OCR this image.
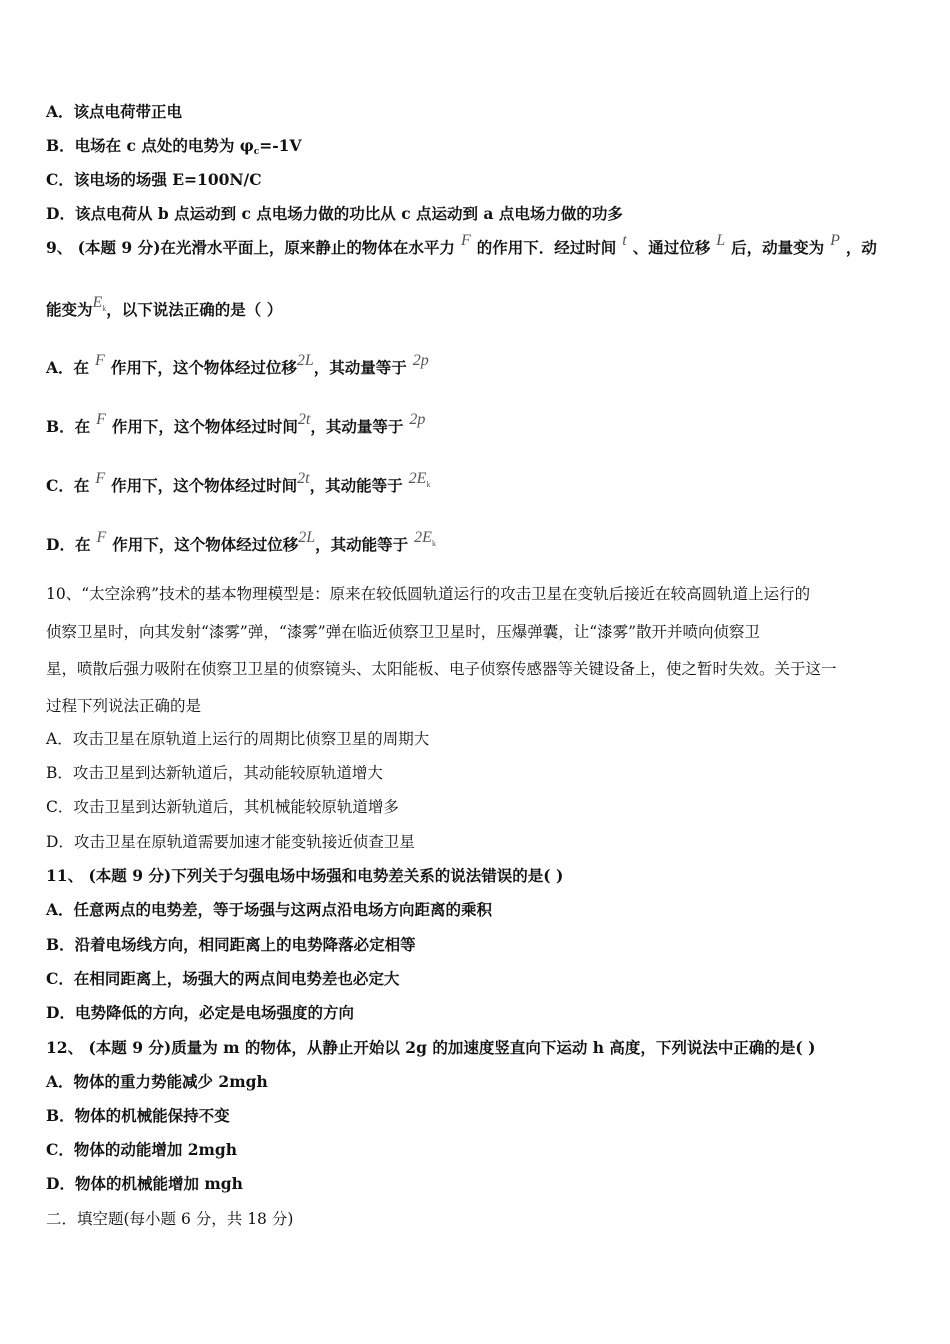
A．该点电荷带正电
B．电场在 c 点处的电势为 φc=-1V
C．该电场的场强 E=100N/C
D．该点电荷从 b 点运动到 c 点电场力做的功比从 c 点运动到 a 点电场力做的功多
9、 (本题 9 分)在光滑水平面上，原来静止的物体在水平力 F 的作用下．经过时间 t 、通过位移 L 后，动量变为 P ，动
能变为$E_k$，以下说法正确的是（ ）
A．在 F 作用下，这个物体经过位移2L，其动量等于 2p
B．在 F 作用下，这个物体经过时间2t，其动量等于 2p
C．在 F 作用下，这个物体经过时间2t，其动能等于 $2E_k$
D．在 F 作用下，这个物体经过位移2L，其动能等于 $2E_k$
10、“太空涂鸦”技术的基本物理模型是：原来在较低圆轨道运行的攻击卫星在变轨后接近在较高圆轨道上运行的
侦察卫星时，向其发射“漆雾”弹，“漆雾”弹在临近侦察卫卫星时，压爆弹囊，让“漆雾”散开并喷向侦察卫
星，喷散后强力吸附在侦察卫卫星的侦察镜头、太阳能板、电子侦察传感器等关键设备上，使之暂时失效。关于这一
过程下列说法正确的是
A．攻击卫星在原轨道上运行的周期比侦察卫星的周期大
B．攻击卫星到达新轨道后，其动能较原轨道增大
C．攻击卫星到达新轨道后，其机械能较原轨道增多
D．攻击卫星在原轨道需要加速才能变轨接近侦查卫星
11、 (本题 9 分)下列关于匀强电场中场强和电势差关系的说法错误的是( )
A．任意两点的电势差，等于场强与这两点沿电场方向距离的乘积
B．沿着电场线方向，相同距离上的电势降落必定相等
C．在相同距离上，场强大的两点间电势差也必定大
D．电势降低的方向，必定是电场强度的方向
12、 (本题 9 分)质量为 m 的物体，从静止开始以 2g 的加速度竖直向下运动 h 高度，下列说法中正确的是( )
A．物体的重力势能减少 2mgh
B．物体的机械能保持不变
C．物体的动能增加 2mgh
D．物体的机械能增加 mgh
二．填空题(每小题 6 分，共 18 分)
